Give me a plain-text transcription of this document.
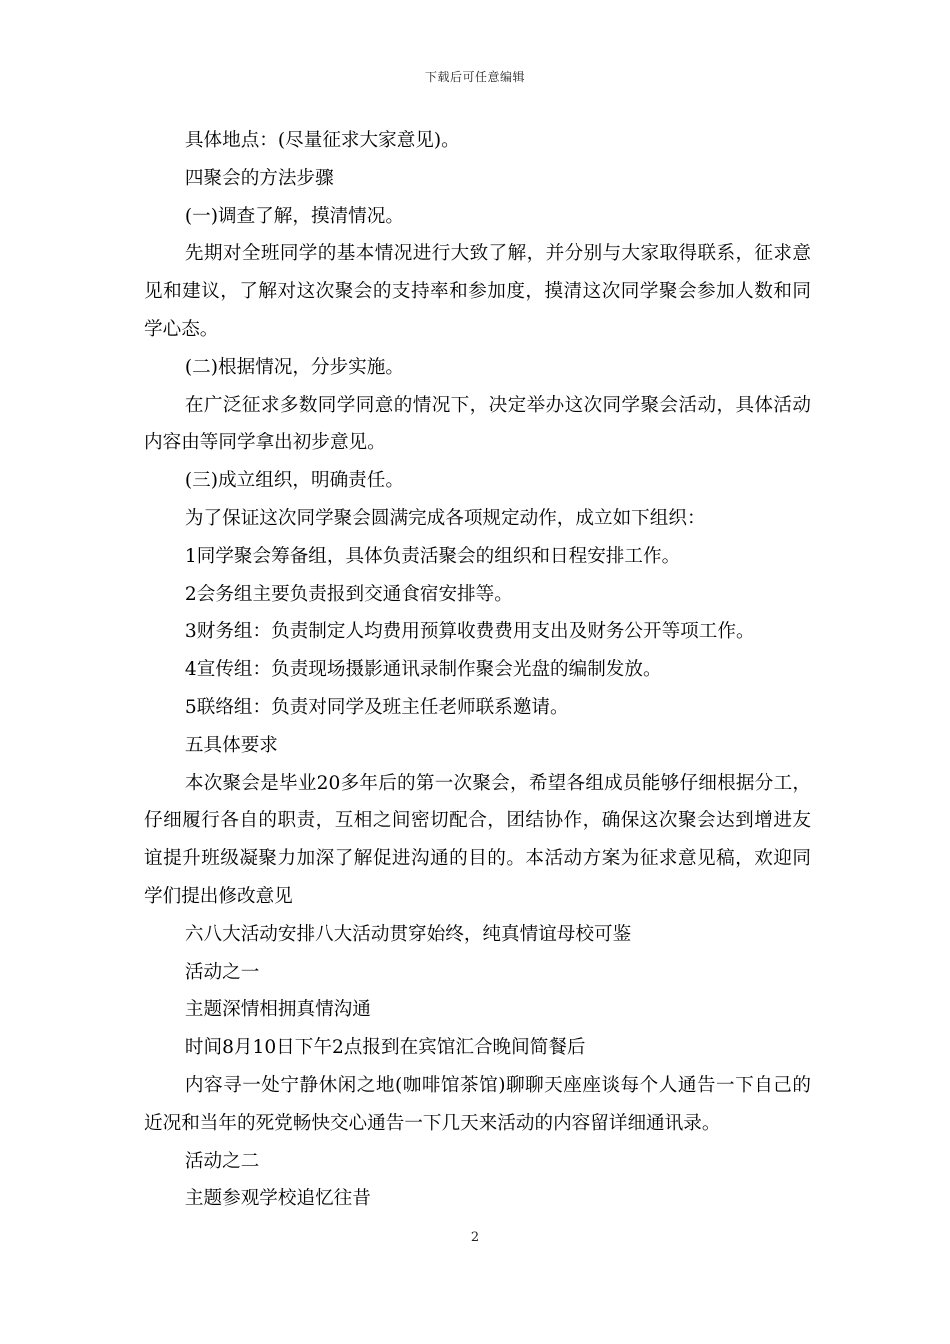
下载后可任意编辑

具体地点：(尽量征求大家意见)。

四聚会的方法步骤

(一)调查了解，摸清情况。

先期对全班同学的基本情况进行大致了解，并分别与大家取得联系，征求意见和建议，了解对这次聚会的支持率和参加度，摸清这次同学聚会参加人数和同学心态。

(二)根据情况，分步实施。

在广泛征求多数同学同意的情况下，决定举办这次同学聚会活动，具体活动内容由等同学拿出初步意见。

(三)成立组织，明确责任。

为了保证这次同学聚会圆满完成各项规定动作，成立如下组织：

1同学聚会筹备组，具体负责活聚会的组织和日程安排工作。

2会务组主要负责报到交通食宿安排等。

3财务组：负责制定人均费用预算收费费用支出及财务公开等项工作。

4宣传组：负责现场摄影通讯录制作聚会光盘的编制发放。

5联络组：负责对同学及班主任老师联系邀请。

五具体要求

本次聚会是毕业20多年后的第一次聚会，希望各组成员能够仔细根据分工，仔细履行各自的职责，互相之间密切配合，团结协作，确保这次聚会达到增进友谊提升班级凝聚力加深了解促进沟通的目的。本活动方案为征求意见稿，欢迎同学们提出修改意见

六八大活动安排八大活动贯穿始终，纯真情谊母校可鉴

活动之一

主题深情相拥真情沟通

时间8月10日下午2点报到在宾馆汇合晚间简餐后

内容寻一处宁静休闲之地(咖啡馆茶馆)聊聊天座座谈每个人通告一下自己的近况和当年的死党畅快交心通告一下几天来活动的内容留详细通讯录。

活动之二

主题参观学校追忆往昔

2
